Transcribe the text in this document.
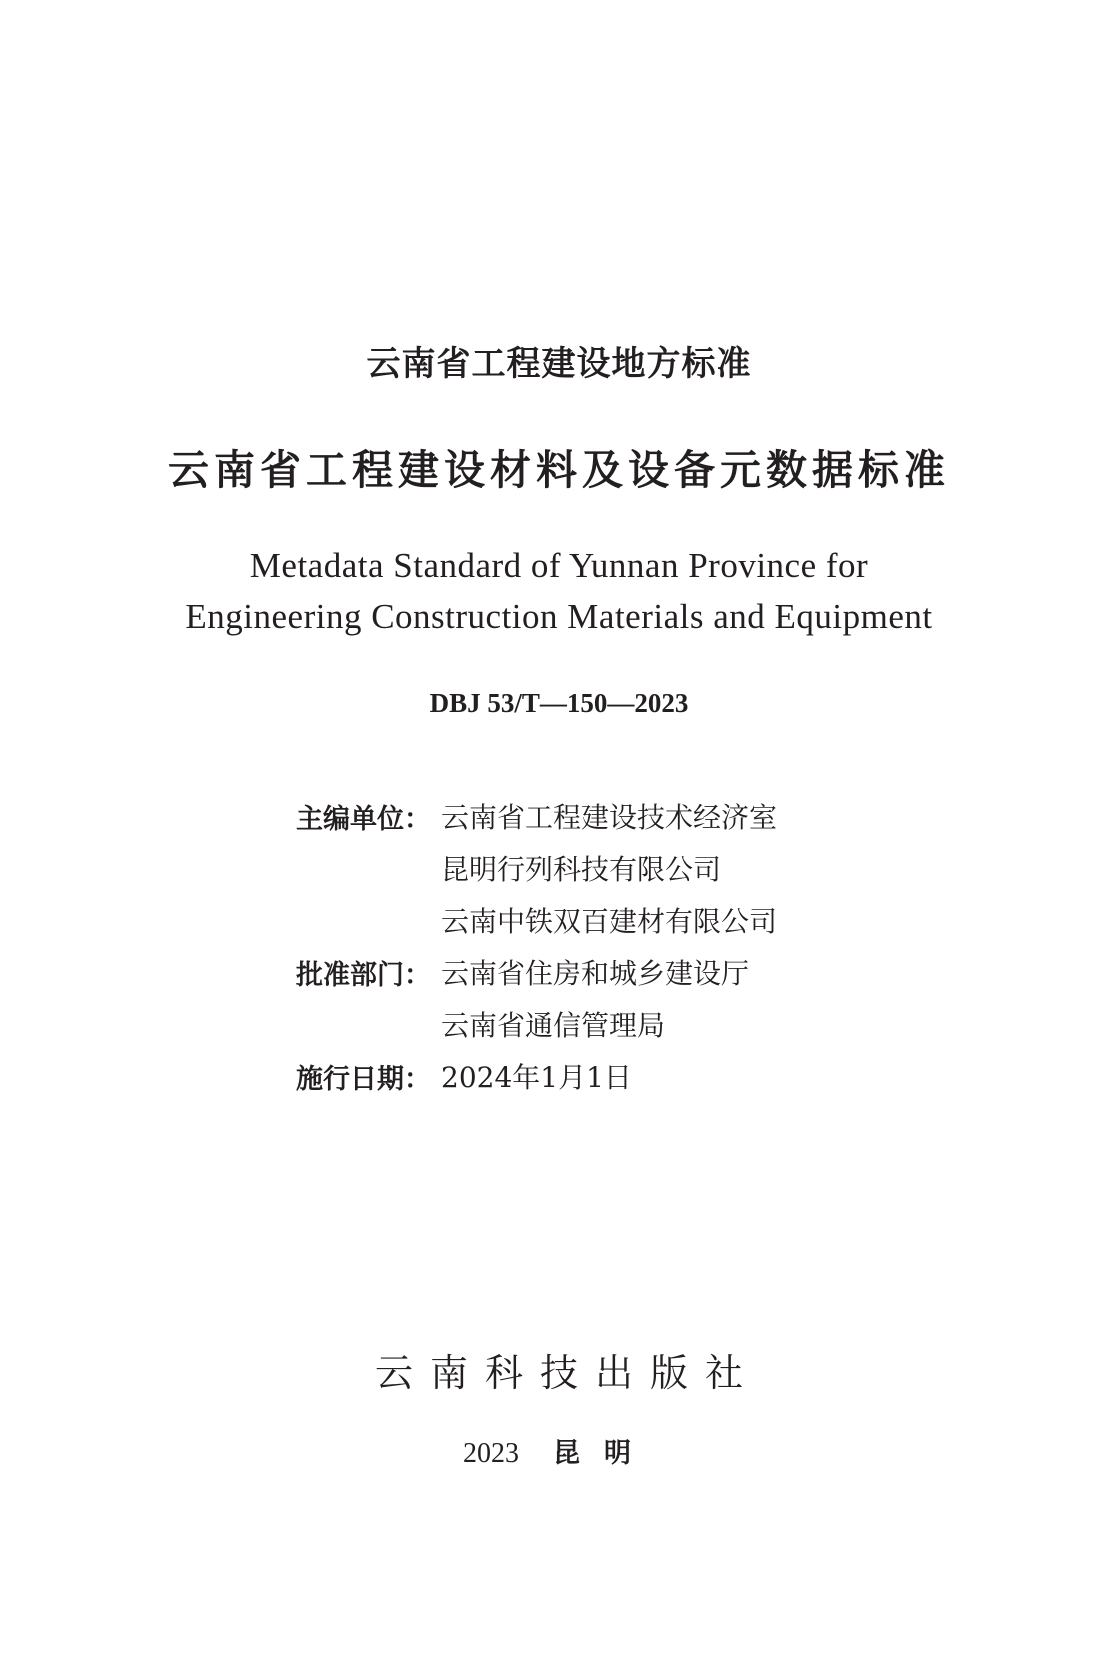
云南省工程建设地方标准
云南省工程建设材料及设备元数据标准
Metadata Standard of Yunnan Province for
Engineering Construction Materials and Equipment
DBJ 53/T—150—2023
主编单位： 云南省工程建设技术经济室
昆明行列科技有限公司
云南中铁双百建材有限公司
批准部门： 云南省住房和城乡建设厅
云南省通信管理局
施行日期： 2024年1月1日
云南科技出版社
2023 昆明
